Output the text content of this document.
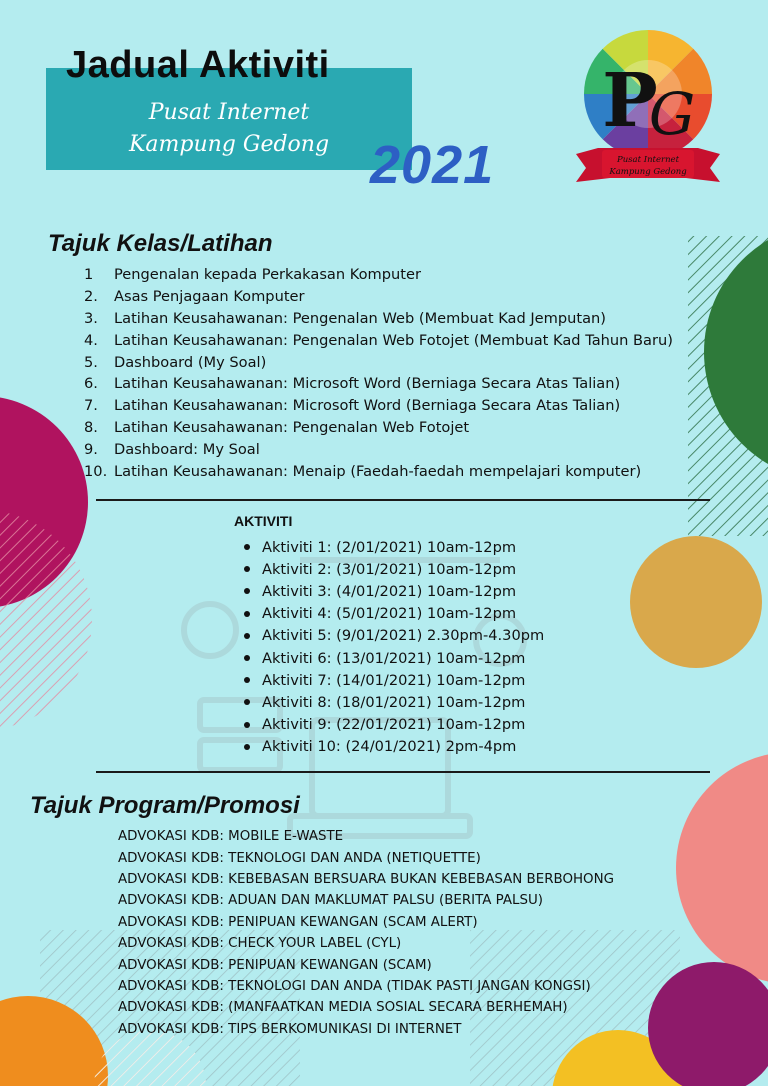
Pusat Internet Kampung Gedong
Jadual Aktiviti
2021
P
G
Pusat Internet
Kampung Gedong
Tajuk Kelas/Latihan
1	Pengenalan kepada Perkakasan Komputer
2.	Asas Penjagaan Komputer
3.	Latihan Keusahawanan: Pengenalan Web (Membuat Kad Jemputan)
4.	Latihan Keusahawanan: Pengenalan Web Fotojet (Membuat Kad Tahun Baru)
5.	Dashboard (My Soal)
6.	Latihan Keusahawanan: Microsoft Word (Berniaga Secara Atas Talian)
7.	Latihan Keusahawanan: Microsoft Word (Berniaga Secara Atas Talian)
8.	Latihan Keusahawanan: Pengenalan Web Fotojet
9.	Dashboard: My Soal
10. Latihan Keusahawanan: Menaip (Faedah-faedah mempelajari komputer)
AKTIVITI
Aktiviti 1: (2/01/2021) 10am-12pm
Aktiviti 2: (3/01/2021) 10am-12pm
Aktiviti 3: (4/01/2021) 10am-12pm
Aktiviti 4: (5/01/2021) 10am-12pm
Aktiviti 5: (9/01/2021) 2.30pm-4.30pm
Aktiviti 6: (13/01/2021) 10am-12pm
Aktiviti 7: (14/01/2021) 10am-12pm
Aktiviti 8: (18/01/2021) 10am-12pm
Aktiviti 9: (22/01/2021) 10am-12pm
Aktiviti 10: (24/01/2021) 2pm-4pm
Tajuk Program/Promosi
ADVOKASI KDB: MOBILE E-WASTE
ADVOKASI KDB: TEKNOLOGI DAN ANDA (NETIQUETTE)
ADVOKASI KDB: KEBEBASAN BERSUARA BUKAN KEBEBASAN BERBOHONG
ADVOKASI KDB: ADUAN DAN MAKLUMAT PALSU (BERITA PALSU)
ADVOKASI KDB: PENIPUAN KEWANGAN (SCAM ALERT)
ADVOKASI KDB: CHECK YOUR LABEL (CYL)
ADVOKASI KDB: PENIPUAN KEWANGAN (SCAM)
ADVOKASI KDB: TEKNOLOGI DAN ANDA (TIDAK PASTI JANGAN KONGSI)
ADVOKASI KDB: (MANFAATKAN MEDIA SOSIAL SECARA BERHEMAH)
ADVOKASI KDB: TIPS BERKOMUNIKASI DI INTERNET
